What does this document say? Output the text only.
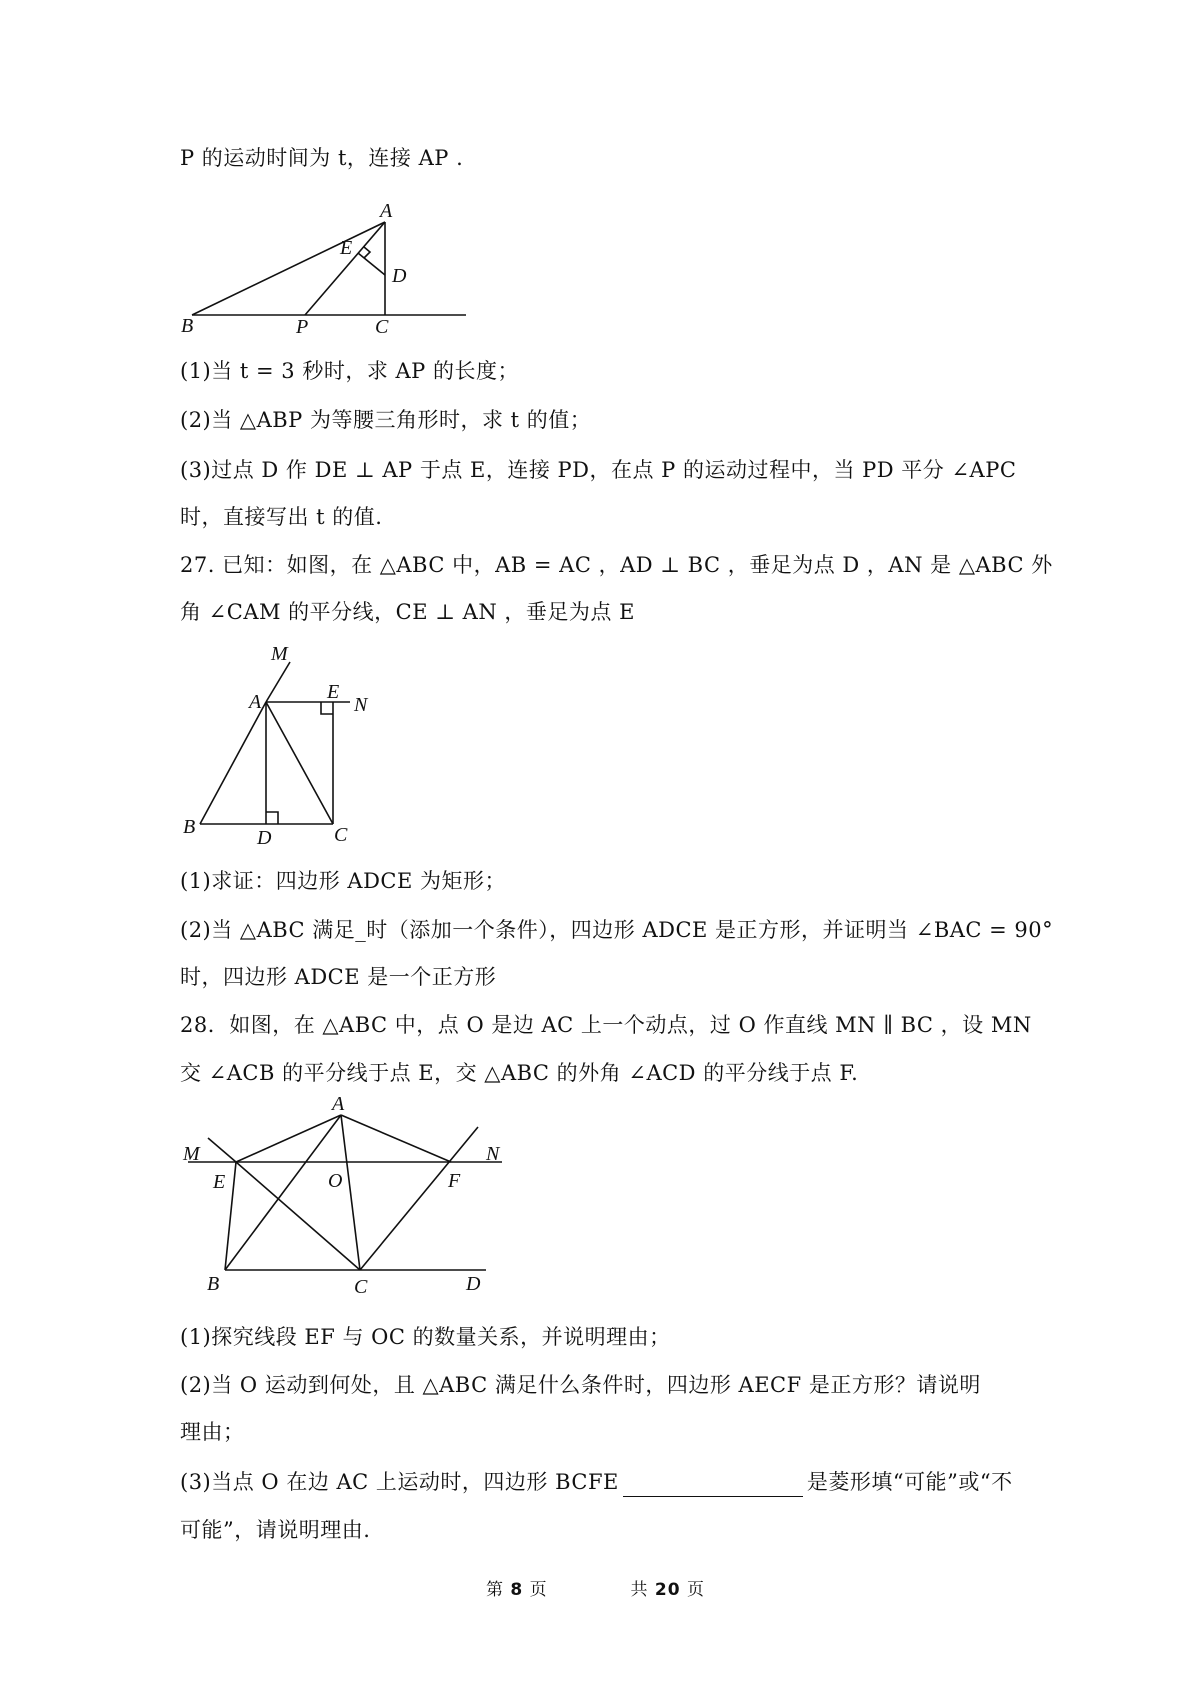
P 的运动时间为 t，连接 AP .
A
E
D
B	P	C
M
A	E
N
B	D	C
A
M	N
E	O	F
B	C	D
(1)当 t = 3 秒时，求 AP 的长度；
(2)当 △ABP 为等腰三角形时，求 t 的值；
(3)过点 D 作 DE ⊥ AP 于点 E，连接 PD，在点 P 的运动过程中，当 PD 平分 ∠APC
时，直接写出 t 的值.
27. 已知：如图，在 △ABC 中，AB = AC ，AD ⊥ BC ，垂足为点 D ，AN 是 △ABC 外
角 ∠CAM 的平分线，CE ⊥ AN ，垂足为点 E
(1)求证：四边形 ADCE 为矩形；
(2)当 △ABC 满足_时（添加一个条件），四边形 ADCE 是正方形，并证明当 ∠BAC = 90°
时，四边形 ADCE 是一个正方形
28．如图，在 △ABC 中，点 O 是边 AC 上一个动点，过 O 作直线 MN ∥ BC ，设 MN
交 ∠ACB 的平分线于点 E，交 △ABC 的外角 ∠ACD 的平分线于点 F.
(1)探究线段 EF 与 OC 的数量关系，并说明理由；
(2)当 O 运动到何处，且 △ABC 满足什么条件时，四边形 AECF 是正方形？请说明
理由；
(3)当点 O 在边 AC 上运动时，四边形 BCFE	是菱形填“可能”或“不
可能”，请说明理由.
第 8 页	共 20 页
